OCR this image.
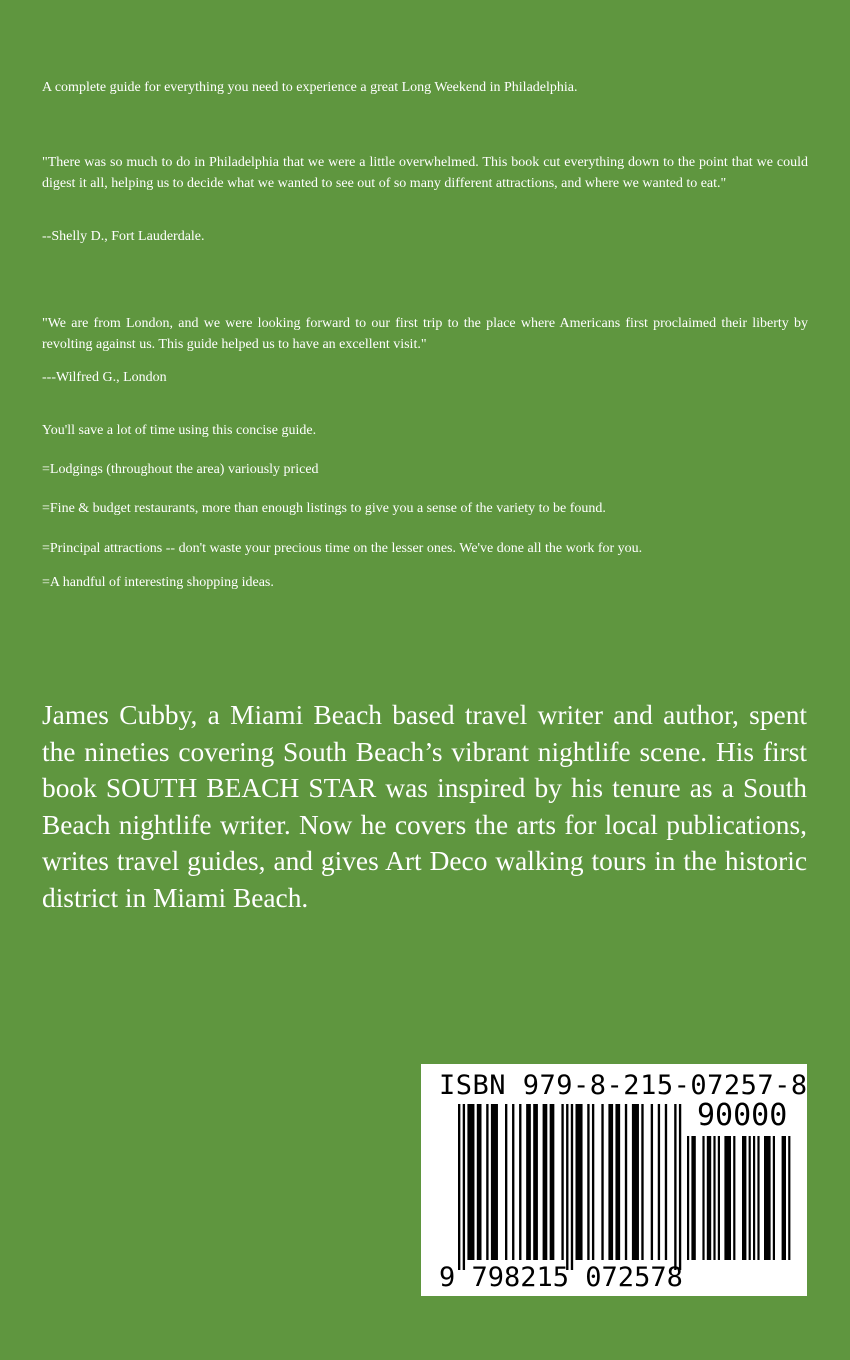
A complete guide for everything you need to experience a great Long Weekend in Philadelphia.

"There was so much to do in Philadelphia that we were a little overwhelmed. This book cut everything down to the point that we could digest it all, helping us to decide what we wanted to see out of so many different attractions, and where we wanted to eat."

--Shelly D., Fort Lauderdale.

"We are from London, and we were looking forward to our first trip to the place where Americans first proclaimed their liberty by revolting against us. This guide helped us to have an excellent visit."

---Wilfred G., London

You'll save a lot of time using this concise guide.

=Lodgings (throughout the area) variously priced

=Fine & budget restaurants, more than enough listings to give you a sense of the variety to be found.

=Principal attractions -- don't waste your precious time on the lesser ones. We've done all the work for you.

=A handful of interesting shopping ideas.

James Cubby, a Miami Beach based travel writer and author, spent the nineties covering South Beach’s vibrant nightlife scene. His first book SOUTH BEACH STAR was inspired by his tenure as a South Beach nightlife writer. Now he covers the arts for local publications, writes travel guides, and gives Art Deco walking tours in the historic district in Miami Beach.

ISBN 979-8-215-07257-8
90000
9 798215 072578
